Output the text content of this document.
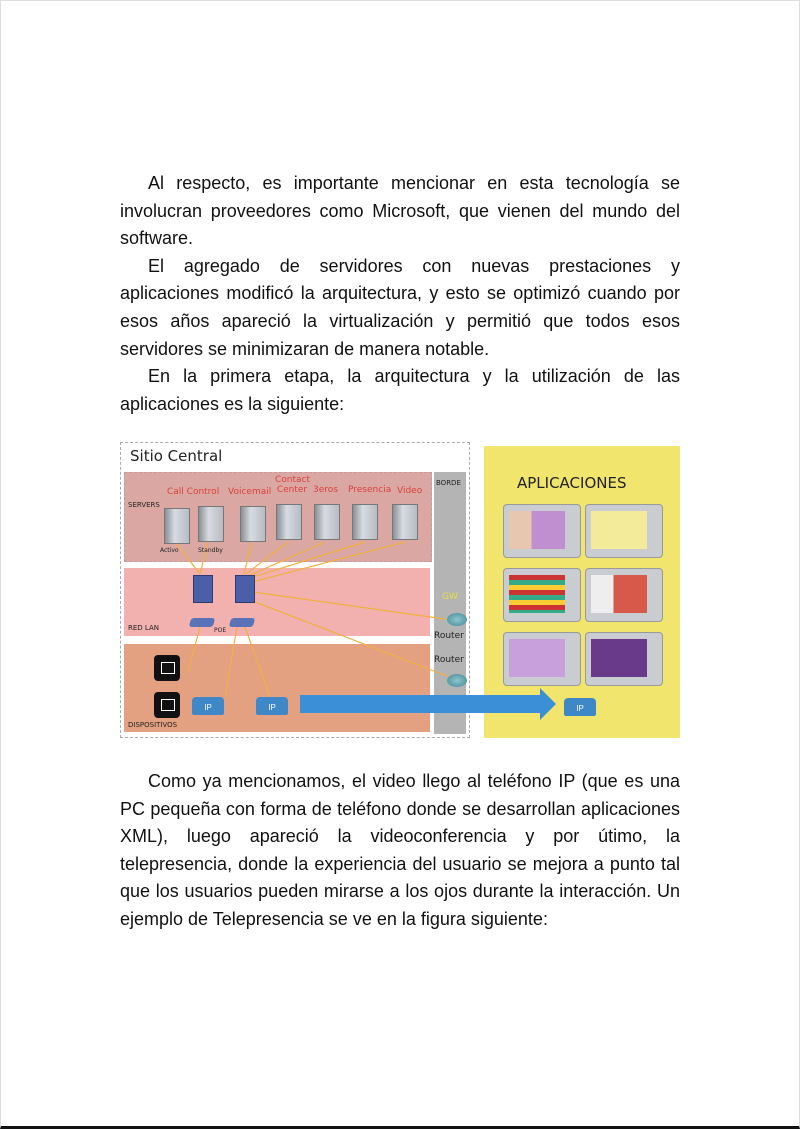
Al respecto, es importante mencionar en esta tecnología se involucran proveedores como Microsoft, que vienen del mundo del software.

El agregado de servidores con nuevas prestaciones y aplicaciones modificó la arquitectura, y esto se optimizó cuando por esos años apareció la virtualización y permitió que todos esos servidores se minimizaran de manera notable.

En la primera etapa, la arquitectura y la utilización de las aplicaciones es la siguiente:

Sitio Central
Call Control Voicemail
Contact Center 3eros Presencia Video
SERVERS
BORDE
Activo	Standby
RED LAN	POE
GW
Router
Router
IP	IP
DISPOSITIVOS
APLICACIONES
IP

Como ya mencionamos, el video llego al teléfono IP (que es una PC pequeña con forma de teléfono donde se desarrollan aplicaciones XML), luego apareció la videoconferencia y por útimo, la telepresencia, donde la experiencia del usuario se mejora a punto tal que los usuarios pueden mirarse a los ojos durante la interacción. Un ejemplo de Telepresencia se ve en la figura siguiente:
